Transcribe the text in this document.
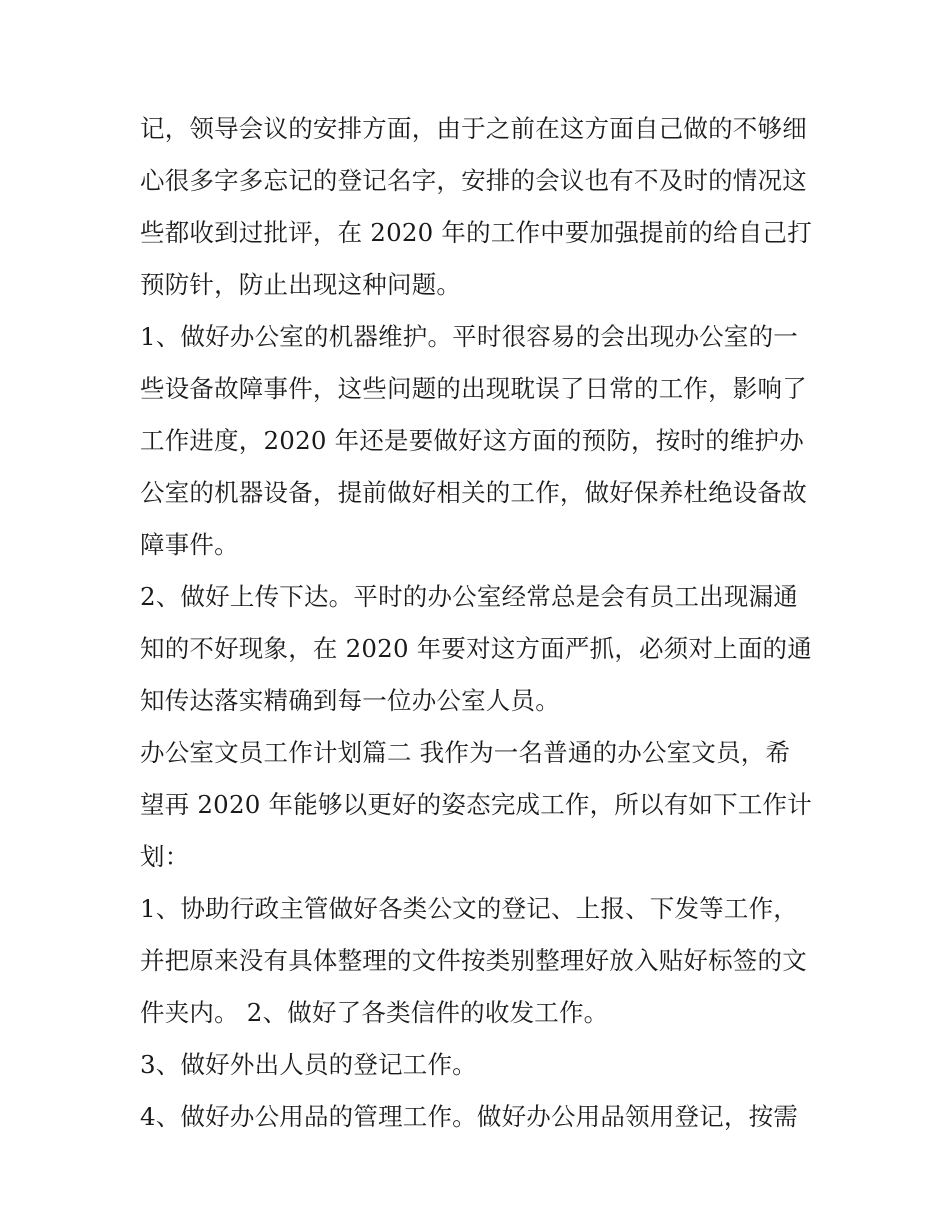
记，领导会议的安排方面，由于之前在这方面自己做的不够细
心很多字多忘记的登记名字，安排的会议也有不及时的情况这
些都收到过批评，在 2020 年的工作中要加强提前的给自己打
预防针，防止出现这种问题。
1、做好办公室的机器维护。平时很容易的会出现办公室的一
些设备故障事件，这些问题的出现耽误了日常的工作，影响了
工作进度，2020 年还是要做好这方面的预防，按时的维护办
公室的机器设备，提前做好相关的工作，做好保养杜绝设备故
障事件。
2、做好上传下达。平时的办公室经常总是会有员工出现漏通
知的不好现象，在 2020 年要对这方面严抓，必须对上面的通
知传达落实精确到每一位办公室人员。
办公室文员工作计划篇二 我作为一名普通的办公室文员，希
望再 2020 年能够以更好的姿态完成工作，所以有如下工作计
划：
1、协助行政主管做好各类公文的登记、上报、下发等工作，
并把原来没有具体整理的文件按类别整理好放入贴好标签的文
件夹内。 2、做好了各类信件的收发工作。
3、做好外出人员的登记工作。
4、做好办公用品的管理工作。做好办公用品领用登记，按需
